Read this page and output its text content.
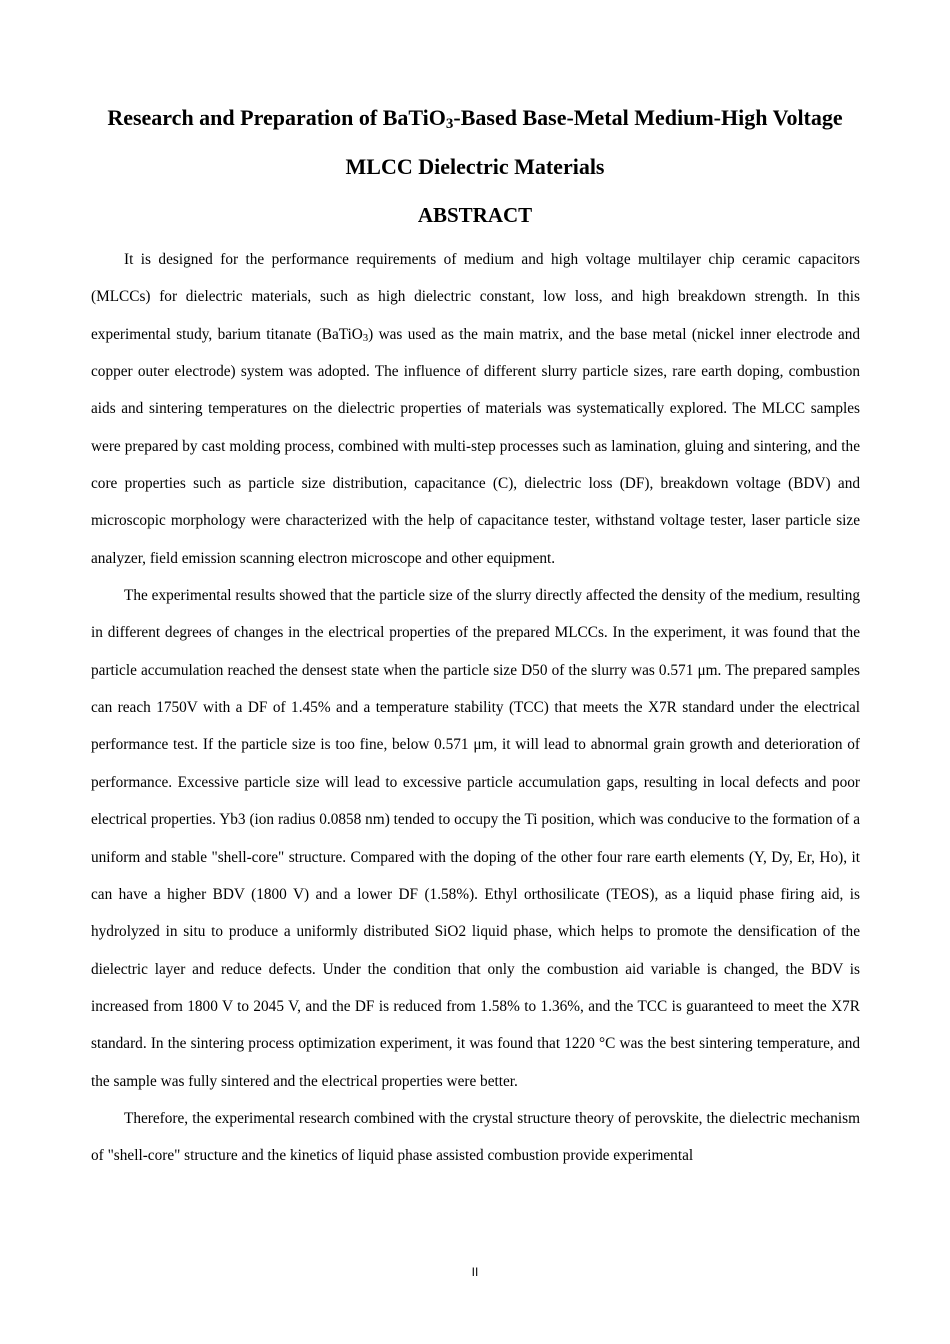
Research and Preparation of BaTiO$_3$-Based Base-Metal Medium-High Voltage MLCC Dielectric Materials
ABSTRACT

It is designed for the performance requirements of medium and high voltage multilayer chip ceramic capacitors (MLCCs) for dielectric materials, such as high dielectric constant, low loss, and high breakdown strength. In this experimental study, barium titanate (BaTiO$_3$) was used as the main matrix, and the base metal (nickel inner electrode and copper outer electrode) system was adopted. The influence of different slurry particle sizes, rare earth doping, combustion aids and sintering temperatures on the dielectric properties of materials was systematically explored. The MLCC samples were prepared by cast molding process, combined with multi-step processes such as lamination, gluing and sintering, and the core properties such as particle size distribution, capacitance (C), dielectric loss (DF), breakdown voltage (BDV) and microscopic morphology were characterized with the help of capacitance tester, withstand voltage tester, laser particle size analyzer, field emission scanning electron microscope and other equipment.

The experimental results showed that the particle size of the slurry directly affected the density of the medium, resulting in different degrees of changes in the electrical properties of the prepared MLCCs. In the experiment, it was found that the particle accumulation reached the densest state when the particle size D50 of the slurry was 0.571 μm. The prepared samples can reach 1750V with a DF of 1.45% and a temperature stability (TCC) that meets the X7R standard under the electrical performance test. If the particle size is too fine, below 0.571 μm, it will lead to abnormal grain growth and deterioration of performance. Excessive particle size will lead to excessive particle accumulation gaps, resulting in local defects and poor electrical properties. Yb3 (ion radius 0.0858 nm) tended to occupy the Ti position, which was conducive to the formation of a uniform and stable "shell-core" structure. Compared with the doping of the other four rare earth elements (Y, Dy, Er, Ho), it can have a higher BDV (1800 V) and a lower DF (1.58%). Ethyl orthosilicate (TEOS), as a liquid phase firing aid, is hydrolyzed in situ to produce a uniformly distributed SiO2 liquid phase, which helps to promote the densification of the dielectric layer and reduce defects. Under the condition that only the combustion aid variable is changed, the BDV is increased from 1800 V to 2045 V, and the DF is reduced from 1.58% to 1.36%, and the TCC is guaranteed to meet the X7R standard. In the sintering process optimization experiment, it was found that 1220 °C was the best sintering temperature, and the sample was fully sintered and the electrical properties were better.

Therefore, the experimental research combined with the crystal structure theory of perovskite, the dielectric mechanism of "shell-core" structure and the kinetics of liquid phase assisted combustion provide experimental

II
